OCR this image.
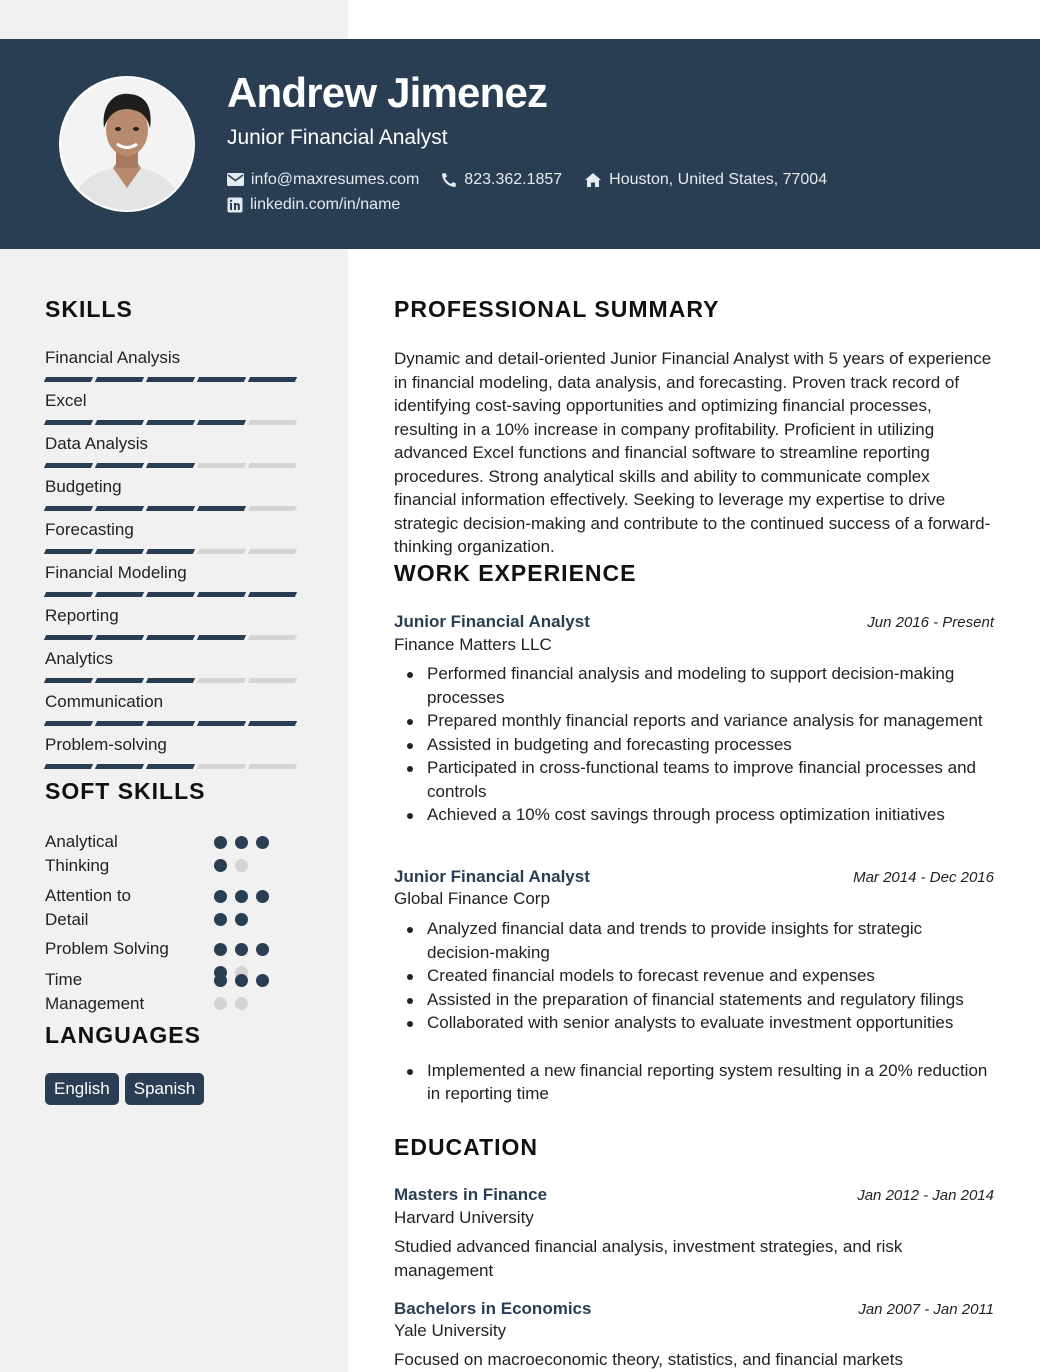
Andrew Jimenez
Junior Financial Analyst
info@maxresumes.com	823.362.1857	Houston, United States, 77004
linkedin.com/in/name
SKILLS
Financial Analysis
Excel
Data Analysis
Budgeting
Forecasting
Financial Modeling
Reporting
Analytics
Communication
Problem-solving
SOFT SKILLS
Analytical Thinking
Attention to Detail
Problem Solving
Time Management
LANGUAGES
English	Spanish
PROFESSIONAL SUMMARY
Dynamic and detail-oriented Junior Financial Analyst with 5 years of experience in financial modeling, data analysis, and forecasting. Proven track record of identifying cost-saving opportunities and optimizing financial processes, resulting in a 10% increase in company profitability. Proficient in utilizing advanced Excel functions and financial software to streamline reporting procedures. Strong analytical skills and ability to communicate complex financial information effectively. Seeking to leverage my expertise to drive strategic decision-making and contribute to the continued success of a forward-thinking organization.
WORK EXPERIENCE
Junior Financial Analyst	Jun 2016 - Present
Finance Matters LLC
Performed financial analysis and modeling to support decision-making processes
Prepared monthly financial reports and variance analysis for management
Assisted in budgeting and forecasting processes
Participated in cross-functional teams to improve financial processes and controls
Achieved a 10% cost savings through process optimization initiatives
Junior Financial Analyst	Mar 2014 - Dec 2016
Global Finance Corp
Analyzed financial data and trends to provide insights for strategic decision-making
Created financial models to forecast revenue and expenses
Assisted in the preparation of financial statements and regulatory filings
Collaborated with senior analysts to evaluate investment opportunities
Implemented a new financial reporting system resulting in a 20% reduction in reporting time
EDUCATION
Masters in Finance	Jan 2012 - Jan 2014
Harvard University
Studied advanced financial analysis, investment strategies, and risk management
Bachelors in Economics	Jan 2007 - Jan 2011
Yale University
Focused on macroeconomic theory, statistics, and financial markets
